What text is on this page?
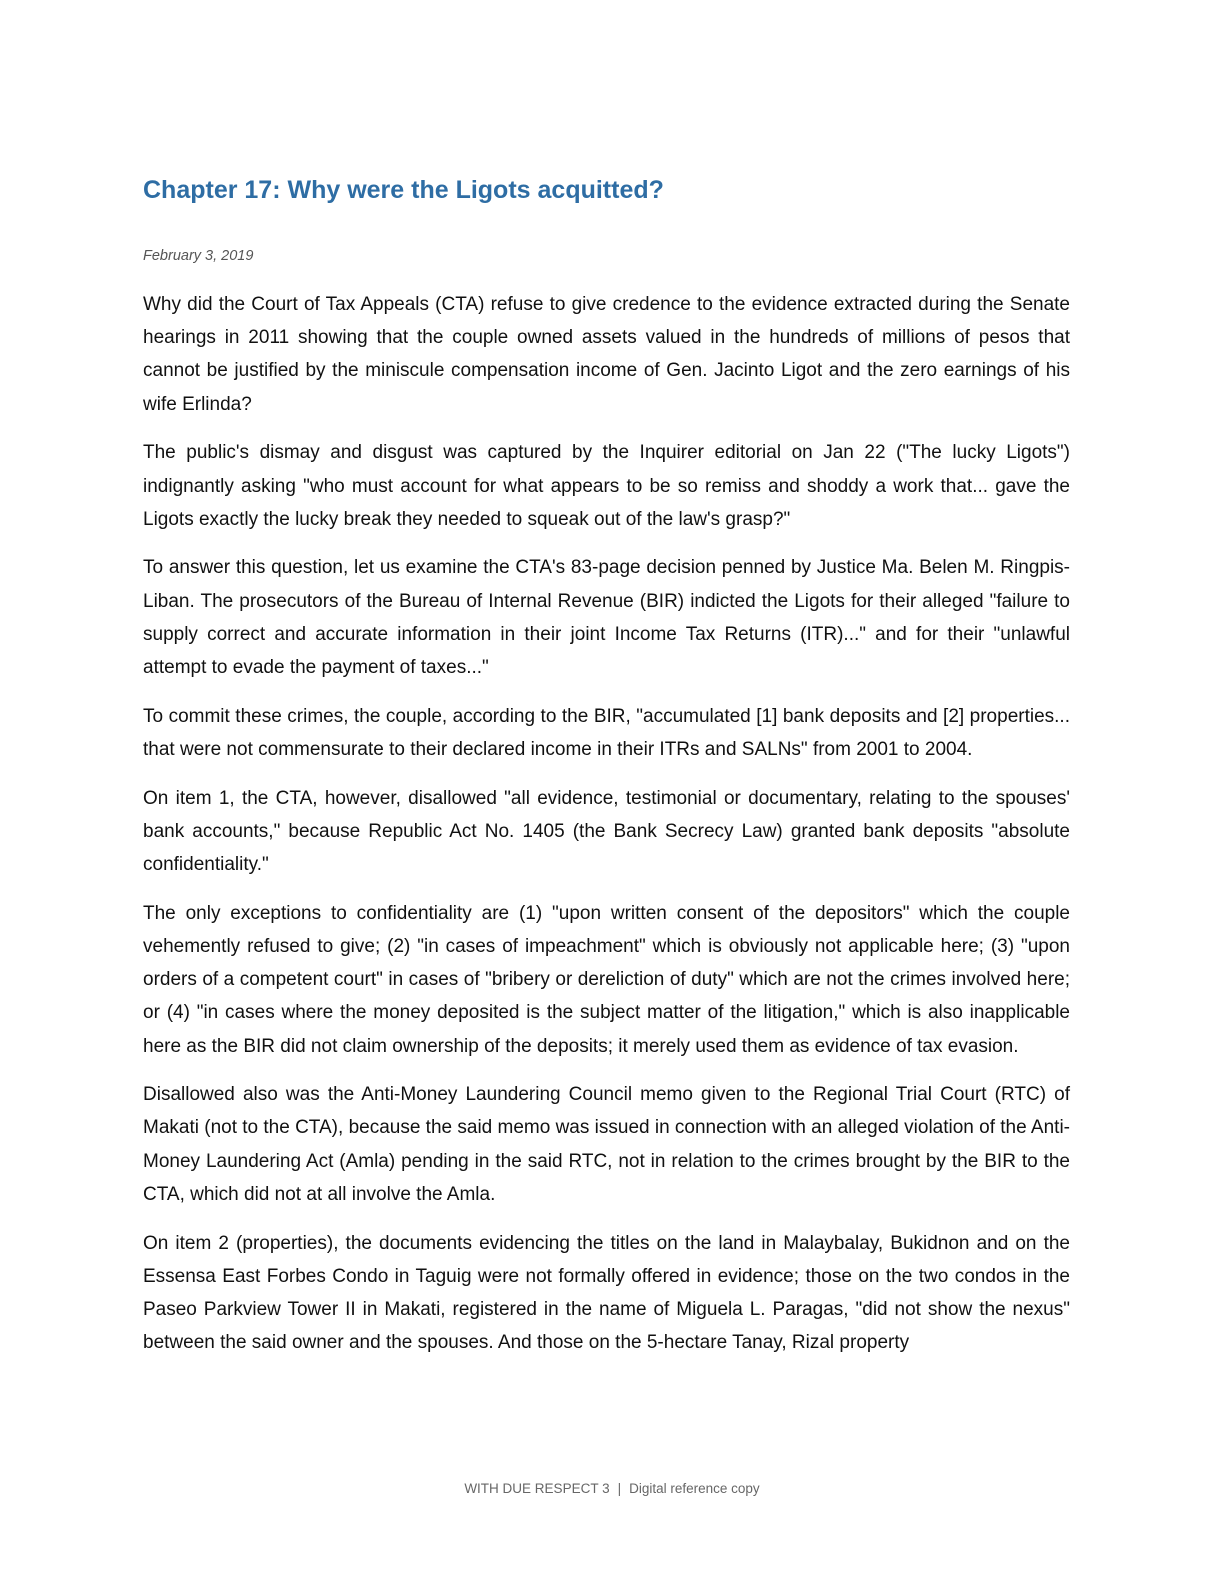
Chapter 17: Why were the Ligots acquitted?
February 3, 2019

Why did the Court of Tax Appeals (CTA) refuse to give credence to the evidence extracted during the Senate hearings in 2011 showing that the couple owned assets valued in the hundreds of millions of pesos that cannot be justified by the miniscule compensation income of Gen. Jacinto Ligot and the zero earnings of his wife Erlinda?

The public's dismay and disgust was captured by the Inquirer editorial on Jan 22 ("The lucky Ligots") indignantly asking "who must account for what appears to be so remiss and shoddy a work that... gave the Ligots exactly the lucky break they needed to squeak out of the law's grasp?"

To answer this question, let us examine the CTA's 83-page decision penned by Justice Ma. Belen M. Ringpis-Liban. The prosecutors of the Bureau of Internal Revenue (BIR) indicted the Ligots for their alleged "failure to supply correct and accurate information in their joint Income Tax Returns (ITR)..." and for their "unlawful attempt to evade the payment of taxes..."

To commit these crimes, the couple, according to the BIR, "accumulated [1] bank deposits and [2] properties... that were not commensurate to their declared income in their ITRs and SALNs" from 2001 to 2004.

On item 1, the CTA, however, disallowed "all evidence, testimonial or documentary, relating to the spouses' bank accounts," because Republic Act No. 1405 (the Bank Secrecy Law) granted bank deposits "absolute confidentiality."

The only exceptions to confidentiality are (1) "upon written consent of the depositors" which the couple vehemently refused to give; (2) "in cases of impeachment" which is obviously not applicable here; (3) "upon orders of a competent court" in cases of "bribery or dereliction of duty" which are not the crimes involved here; or (4) "in cases where the money deposited is the subject matter of the litigation," which is also inapplicable here as the BIR did not claim ownership of the deposits; it merely used them as evidence of tax evasion.

Disallowed also was the Anti-Money Laundering Council memo given to the Regional Trial Court (RTC) of Makati (not to the CTA), because the said memo was issued in connection with an alleged violation of the Anti-Money Laundering Act (Amla) pending in the said RTC, not in relation to the crimes brought by the BIR to the CTA, which did not at all involve the Amla.

On item 2 (properties), the documents evidencing the titles on the land in Malaybalay, Bukidnon and on the Essensa East Forbes Condo in Taguig were not formally offered in evidence; those on the two condos in the Paseo Parkview Tower II in Makati, registered in the name of Miguela L. Paragas, "did not show the nexus" between the said owner and the spouses. And those on the 5-hectare Tanay, Rizal property

WITH DUE RESPECT 3 | Digital reference copy
